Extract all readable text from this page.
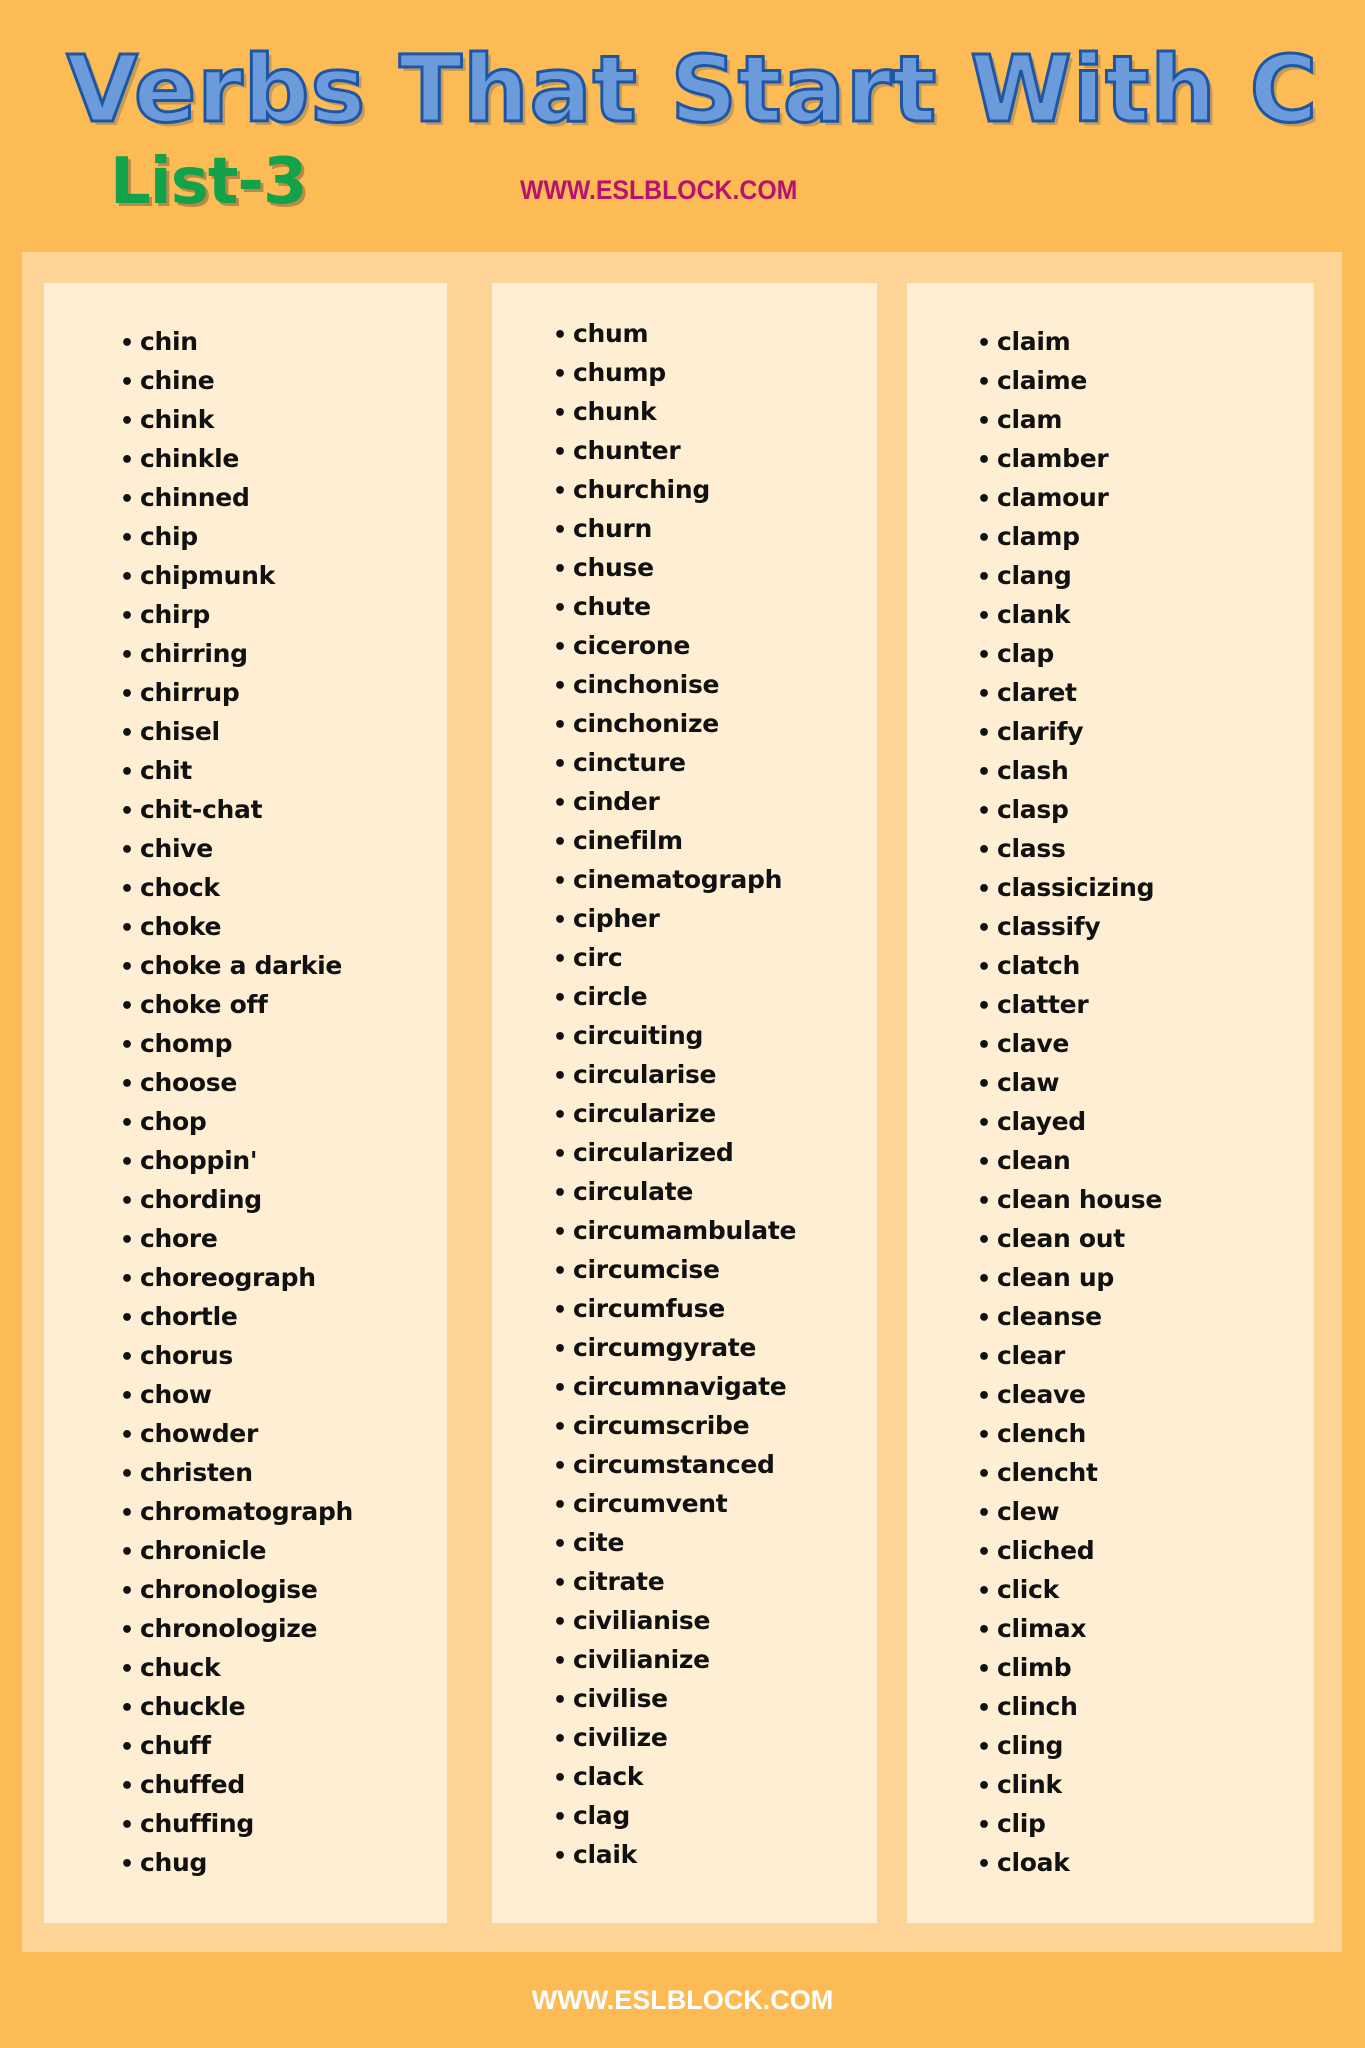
Verbs That Start With C
List-3	WWW.ESLBLOCK.COM
• chin
• chine
• chink
• chinkle
• chinned
• chip
• chipmunk
• chirp
• chirring
• chirrup
• chisel
• chit
• chit-chat
• chive
• chock
• choke
• choke a darkie
• choke off
• chomp
• choose
• chop
• choppin'
• chording
• chore
• choreograph
• chortle
• chorus
• chow
• chowder
• christen
• chromatograph
• chronicle
• chronologise
• chronologize
• chuck
• chuckle
• chuff
• chuffed
• chuffing
• chug
• chum
• chump
• chunk
• chunter
• churching
• churn
• chuse
• chute
• cicerone
• cinchonise
• cinchonize
• cincture
• cinder
• cinefilm
• cinematograph
• cipher
• circ
• circle
• circuiting
• circularise
• circularize
• circularized
• circulate
• circumambulate
• circumcise
• circumfuse
• circumgyrate
• circumnavigate
• circumscribe
• circumstanced
• circumvent
• cite
• citrate
• civilianise
• civilianize
• civilise
• civilize
• clack
• clag
• claik
• claim
• claime
• clam
• clamber
• clamour
• clamp
• clang
• clank
• clap
• claret
• clarify
• clash
• clasp
• class
• classicizing
• classify
• clatch
• clatter
• clave
• claw
• clayed
• clean
• clean house
• clean out
• clean up
• cleanse
• clear
• cleave
• clench
• clencht
• clew
• cliched
• click
• climax
• climb
• clinch
• cling
• clink
• clip
• cloak
WWW.ESLBLOCK.COM
